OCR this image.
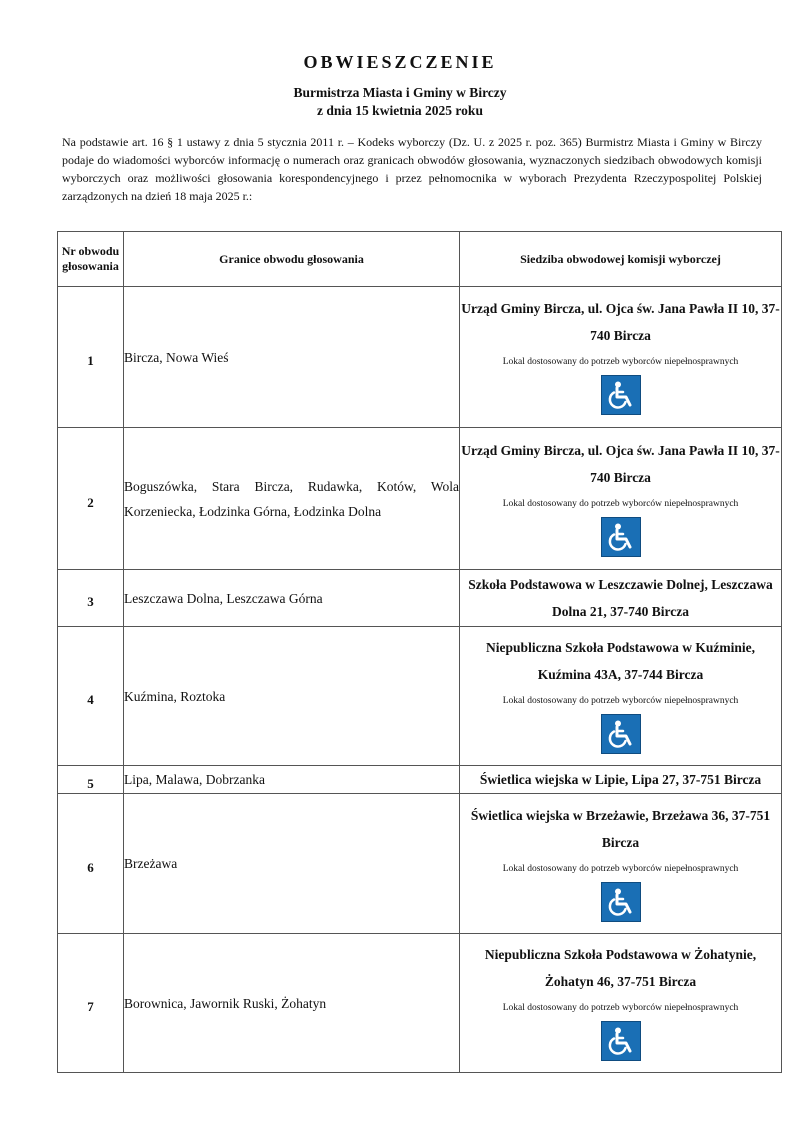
OBWIESZCZENIE
Burmistrza Miasta i Gminy w Birczy
z dnia 15 kwietnia 2025 roku
Na podstawie art. 16 § 1 ustawy z dnia 5 stycznia 2011 r. – Kodeks wyborczy (Dz. U. z 2025 r. poz. 365) Burmistrz Miasta i Gminy w Birczy podaje do wiadomości wyborców informację o numerach oraz granicach obwodów głosowania, wyznaczonych siedzibach obwodowych komisji wyborczych oraz możliwości głosowania korespondencyjnego i przez pełnomocnika w wyborach Prezydenta Rzeczypospolitej Polskiej zarządzonych na dzień 18 maja 2025 r.:
Nr obwodu głosowania	Granice obwodu głosowania	Siedziba obwodowej komisji wyborczej
1	Bircza, Nowa Wieś	Urząd Gminy Bircza, ul. Ojca św. Jana Pawła II 10, 37-740 Bircza
Lokal dostosowany do potrzeb wyborców niepełnosprawnych

2	Boguszówka, Stara Bircza, Rudawka, Kotów, Wola Korzeniecka, Łodzinka Górna, Łodzinka Dolna	Urząd Gminy Bircza, ul. Ojca św. Jana Pawła II 10, 37-740 Bircza
Lokal dostosowany do potrzeb wyborców niepełnosprawnych

3	Leszczawa Dolna, Leszczawa Górna	Szkoła Podstawowa w Leszczawie Dolnej, Leszczawa Dolna 21, 37-740 Bircza

4	Kuźmina, Roztoka	Niepubliczna Szkoła Podstawowa w Kuźminie, Kuźmina 43A, 37-744 Bircza
Lokal dostosowany do potrzeb wyborców niepełnosprawnych

5	Lipa, Malawa, Dobrzanka	Świetlica wiejska w Lipie, Lipa 27, 37-751 Bircza

6	Brzeżawa	Świetlica wiejska w Brzeżawie, Brzeżawa 36, 37-751 Bircza
Lokal dostosowany do potrzeb wyborców niepełnosprawnych

7	Borownica, Jawornik Ruski, Żohatyn	Niepubliczna Szkoła Podstawowa w Żohatynie, Żohatyn 46, 37-751 Bircza
Lokal dostosowany do potrzeb wyborców niepełnosprawnych
